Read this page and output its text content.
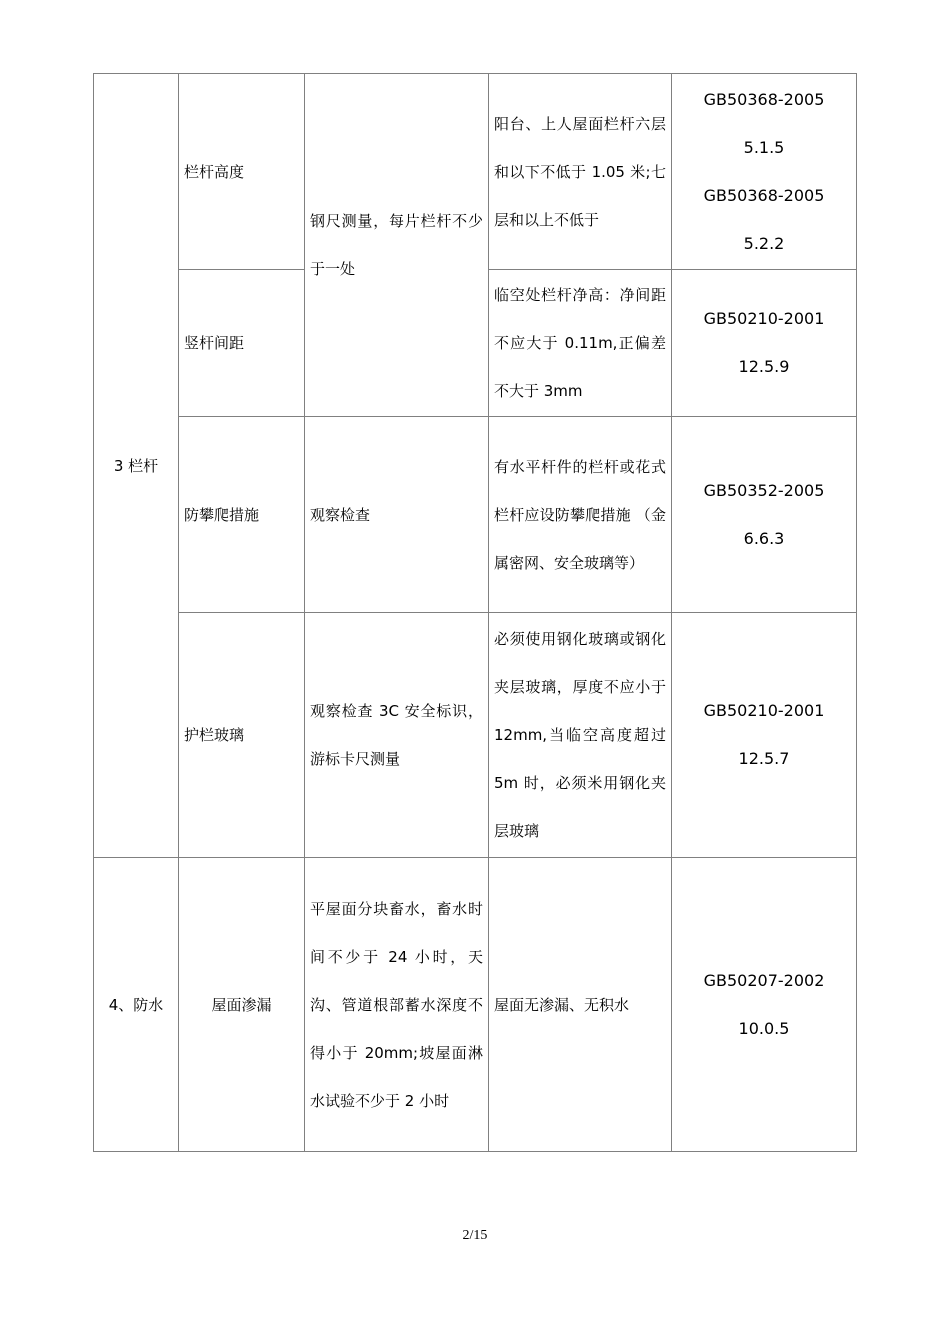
3 栏杆	栏杆高度	钢尺测量，每片栏杆不少于一处	阳台、上人屋面栏杆六层和以下不低于 1.05 米;七层和以上不低于	GB50368-2005
5.1.5
GB50368-2005
5.2.2

	竖杆间距		临空处栏杆净高：净间距不应大于 0.11m,正偏差不大于 3mm	GB50210-2001
12.5.9

	防攀爬措施	观察检查	有水平杆件的栏杆或花式栏杆应设防攀爬措施 （金属密网、安全玻璃等）	GB50352-2005
6.6.3

	护栏玻璃	观察检查 3C 安全标识，游标卡尺测量	必须使用钢化玻璃或钢化夹层玻璃，厚度不应小于 12mm,当临空高度超过 5m 时，必须米用钢化夹层玻璃	GB50210-2001
12.5.7

4、防水	屋面渗漏	平屋面分块畜水，畜水时间不少于 24 小时，天沟、管道根部蓄水深度不得小于 20mm;坡屋面淋水试验不少于 2 小时	屋面无渗漏、无积水	GB50207-2002
10.0.5
2/15
